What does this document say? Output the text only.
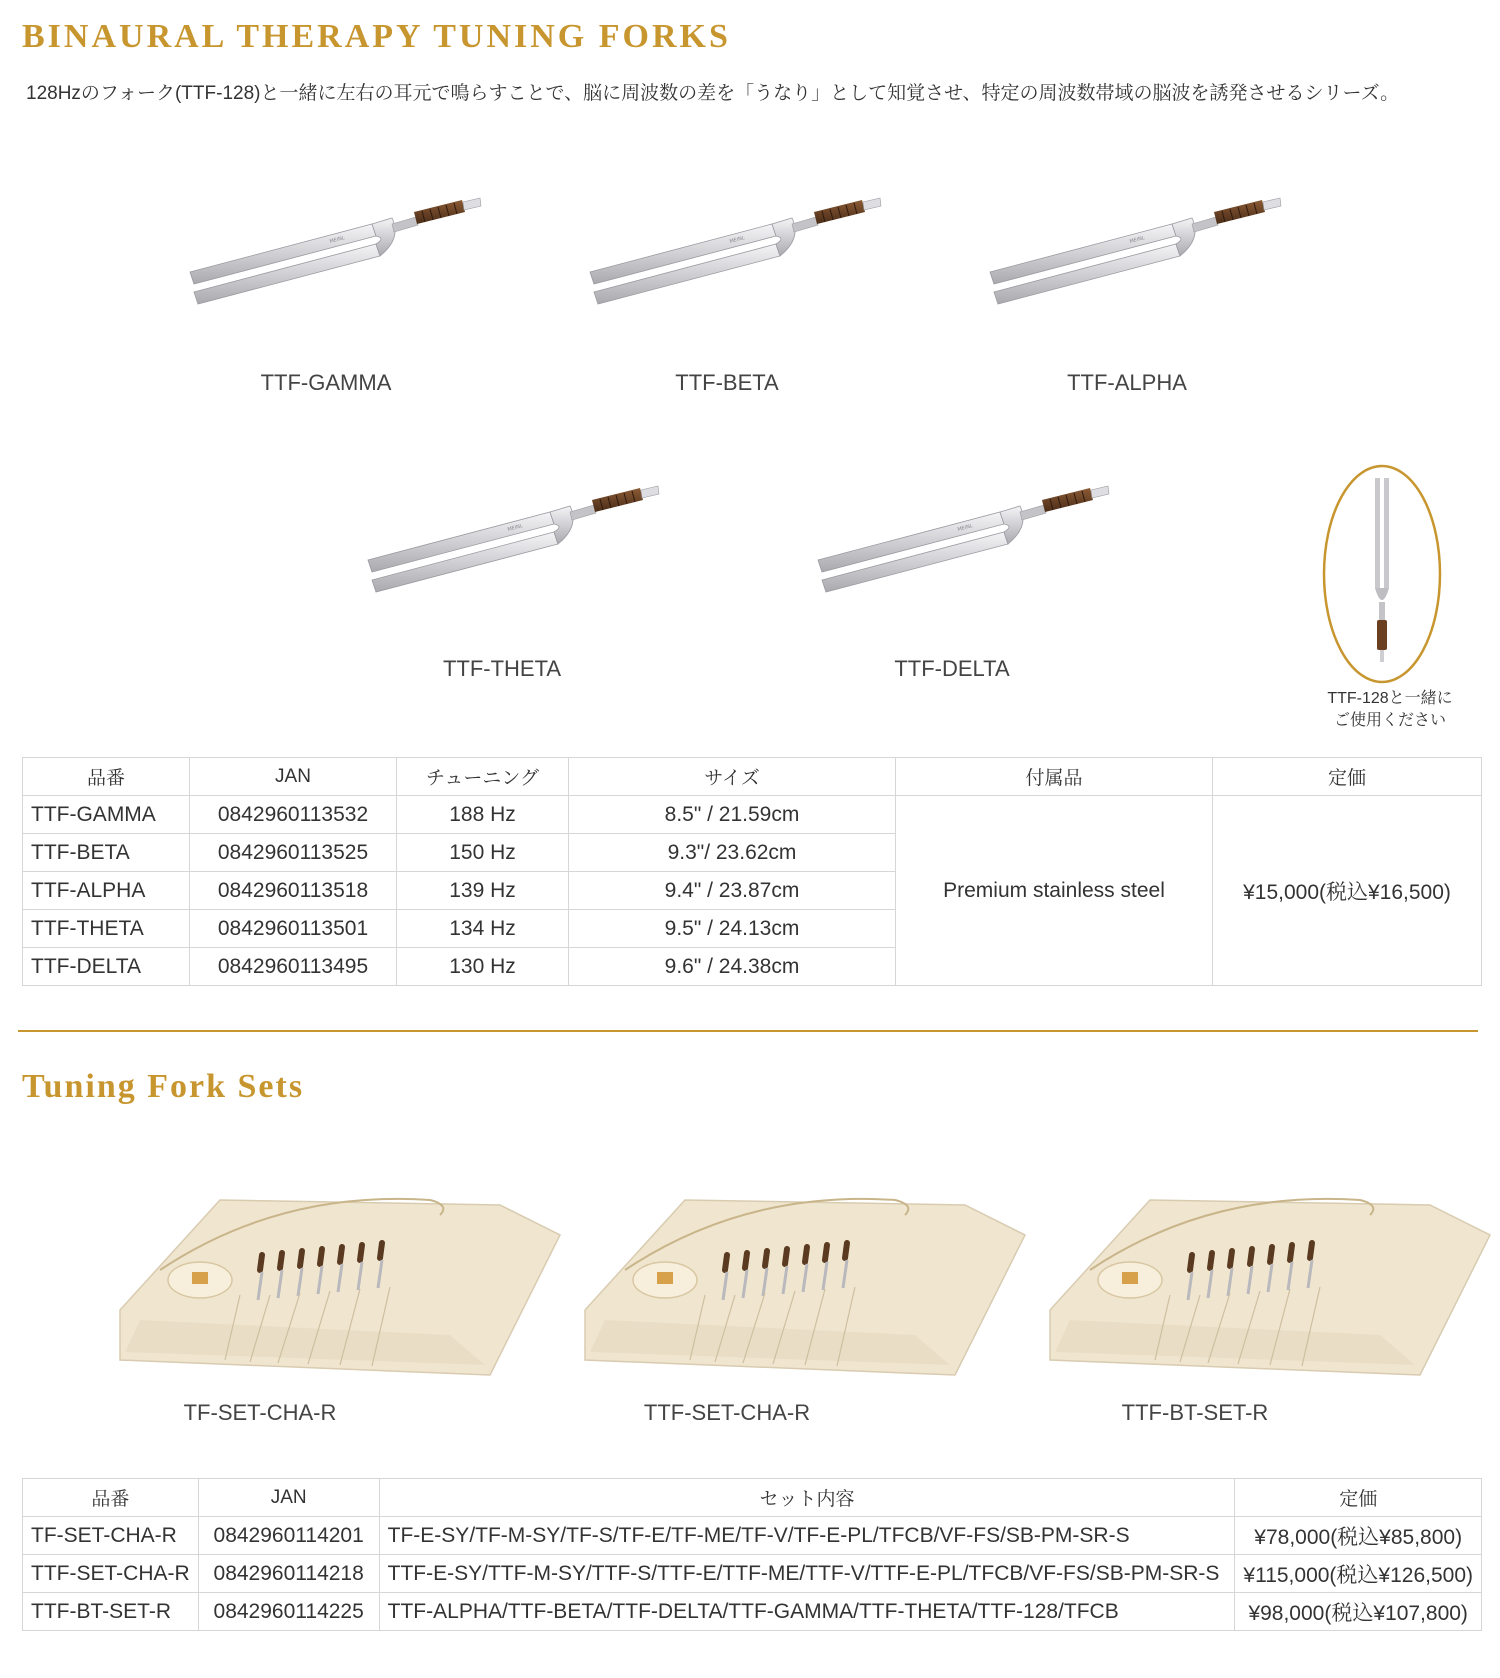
BINAURAL THERAPY TUNING FORKS

128Hzのフォーク(TTF-128)と一緒に左右の耳元で鳴らすことで、脳に周波数の差を「うなり」として知覚させ、特定の周波数帯域の脳波を誘発させるシリーズ。

TTF-GAMMA	TTF-BETA	TTF-ALPHA
TTF-THETA	TTF-DELTA
TTF-128と一緒に
ご使用ください
品番	JAN	チューニング	サイズ	付属品	定価
TTF-GAMMA	0842960113532	188 Hz	8.5" / 21.59cm	Premium stainless steel	¥15,000(税込¥16,500)
TTF-BETA	0842960113525	150 Hz	9.3"/ 23.62cm		
TTF-ALPHA	0842960113518	139 Hz	9.4" / 23.87cm		
TTF-THETA	0842960113501	134 Hz	9.5" / 24.13cm		
TTF-DELTA	0842960113495	130 Hz	9.6" / 24.38cm		
Tuning Fork Sets
TF-SET-CHA-R	TTF-SET-CHA-R	TTF-BT-SET-R
品番	JAN	セット内容	定価
TF-SET-CHA-R	0842960114201	TF-E-SY/TF-M-SY/TF-S/TF-E/TF-ME/TF-V/TF-E-PL/TFCB/VF-FS/SB-PM-SR-S	¥78,000(税込¥85,800)
TTF-SET-CHA-R	0842960114218	TTF-E-SY/TTF-M-SY/TTF-S/TTF-E/TTF-ME/TTF-V/TTF-E-PL/TFCB/VF-FS/SB-PM-SR-S	¥115,000(税込¥126,500)
TTF-BT-SET-R	0842960114225	TTF-ALPHA/TTF-BETA/TTF-DELTA/TTF-GAMMA/TTF-THETA/TTF-128/TFCB	¥98,000(税込¥107,800)
